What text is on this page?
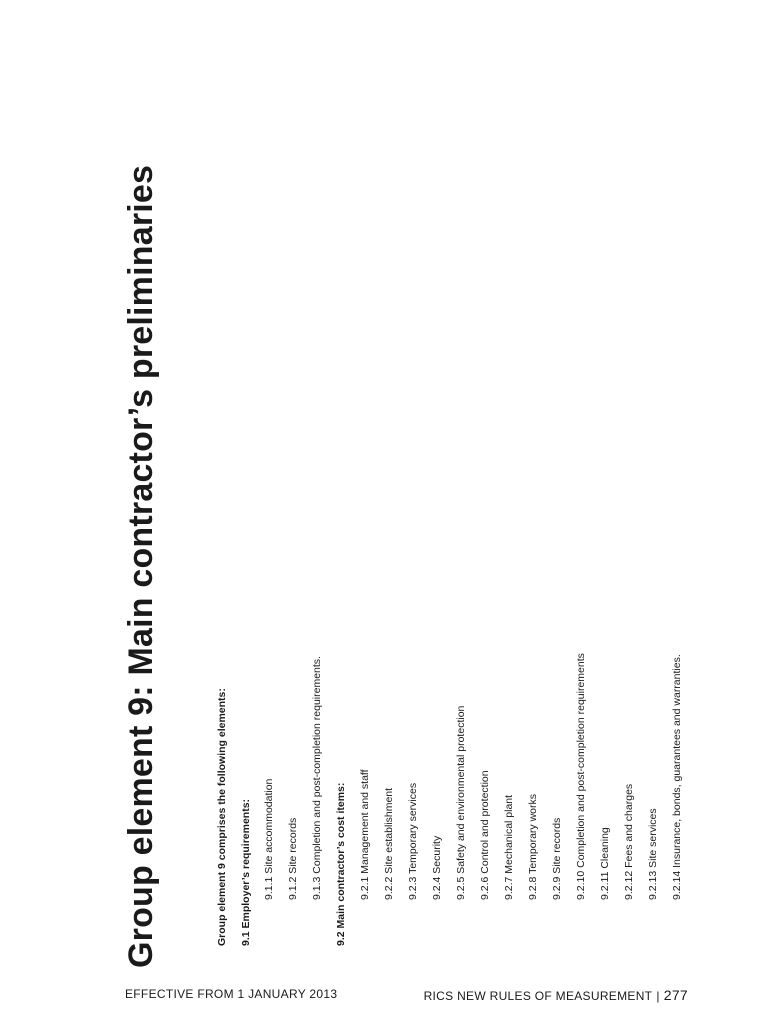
Group element 9: Main contractor’s preliminaries	Group element 9 comprises the following elements: 9.1 Employer’s requirements: 9.1.1 Site accommodation 9.1.2 Site records 9.1.3 Completion and post-completion requirements. 9.2 Main contractor’s cost items: 9.2.1 Management and staff 9.2.2 Site establishment 9.2.3 Temporary services 9.2.4 Security 9.2.5 Safety and environmental protection 9.2.6 Control and protection 9.2.7 Mechanical plant 9.2.8 Temporary works 9.2.9 Site records 9.2.10 Completion and post-completion requirements 9.2.11 Cleaning 9.2.12 Fees and charges 9.2.13 Site services 9.2.14 Insurance, bonds, guarantees and warranties.
EFFECTIVE FROM 1 JANUARY 2013	RICS NEW RULES OF MEASUREMENT | 277
